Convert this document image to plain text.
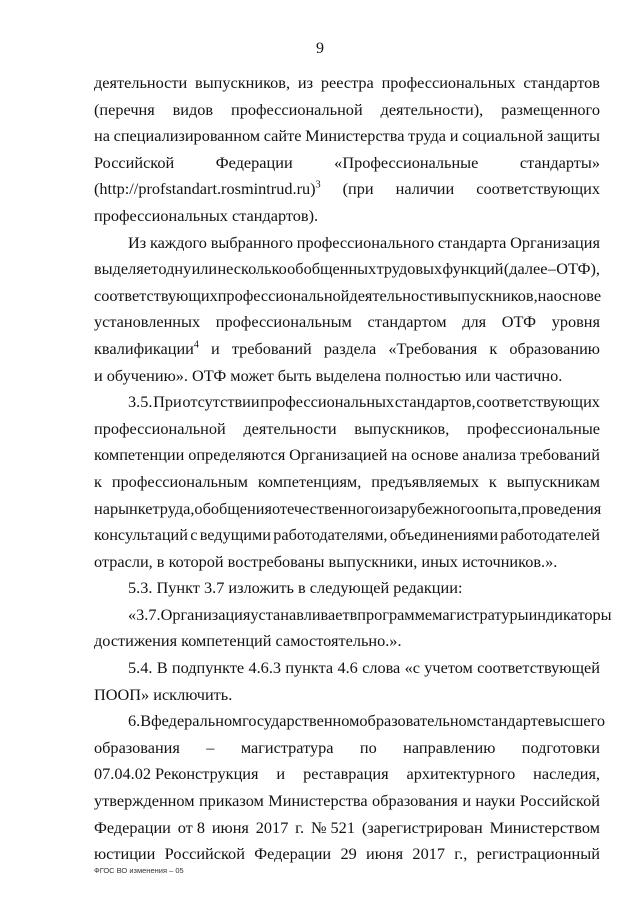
9
деятельности выпускников, из реестра профессиональных стандартов
(перечня видов профессиональной деятельности), размещенного
на специализированном сайте Министерства труда и социальной защиты
Российской	Федерации	«Профессиональные	стандарты»
(http://profstandart.rosmintrud.ru)$^3$ (при наличии соответствующих
профессиональных стандартов).
Из каждого выбранного профессионального стандарта Организация
выделяет одну или несколько обобщенных трудовых функций (далее – ОТФ),
соответствующих профессиональной деятельности выпускников, на основе
установленных профессиональным стандартом для ОТФ уровня
квалификации$^4$ и требований раздела «Требования к образованию
и обучению». ОТФ может быть выделена полностью или частично.
3.5. При отсутствии профессиональных стандартов, соответствующих
профессиональной деятельности выпускников, профессиональные
компетенции определяются Организацией на основе анализа требований
к профессиональным компетенциям, предъявляемых к выпускникам
на рынке труда, обобщения отечественного и зарубежного опыта, проведения
консультаций с ведущими работодателями, объединениями работодателей
отрасли, в которой востребованы выпускники, иных источников.».
5.3. Пункт 3.7 изложить в следующей редакции:
«3.7. Организация устанавливает в программе магистратуры индикаторы
достижения компетенций самостоятельно.».
5.4. В подпункте 4.6.3 пункта 4.6 слова «с учетом соответствующей
ПООП» исключить.
6. В федеральном государственном образовательном стандарте высшего
образования – магистратура по направлению подготовки
07.04.02 Реконструкция и реставрация архитектурного наследия,
утвержденном приказом Министерства образования и науки Российской
Федерации от 8 июня 2017 г. № 521 (зарегистрирован Министерством
юстиции Российской Федерации 29 июня 2017 г., регистрационный
ФГОС ВО изменения – 05
